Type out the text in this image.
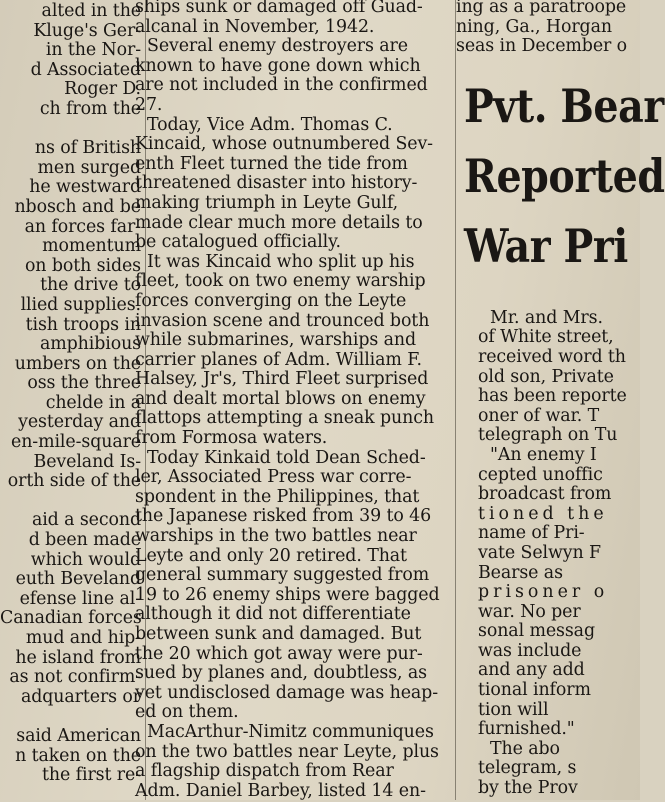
alted in the
Kluge's Ger-
in the Nor-
d Associated
Roger D.
ch from the

ns of British
men surged
he westward
nbosch and be
an forces far-
momentum
on both sides
the drive to
llied supplies.
tish troops in
amphibious
umbers on the
oss the three
chelde in a
yesterday and
en-mile-square
Beveland Is-
orth side of the

aid a second
d been made
which would
euth Beveland
efense line al-
Canadian forces
mud and hip-
he island from
as not confirm-
adquarters or

said American
n taken on the
the first re-
ships sunk or damaged off Guad-
alcanal in November, 1942.
Several enemy destroyers are
known to have gone down which
are not included in the confirmed
27.
Today, Vice Adm. Thomas C.
Kincaid, whose outnumbered Sev-
enth Fleet turned the tide from
threatened disaster into history-
making triumph in Leyte Gulf,
made clear much more details to
be catalogued officially.
It was Kincaid who split up his
fleet, took on two enemy warship
forces converging on the Leyte
invasion scene and trounced both
while submarines, warships and
carrier planes of Adm. William F.
Halsey, Jr's, Third Fleet surprised
and dealt mortal blows on enemy
flattops attempting a sneak punch
from Formosa waters.
Today Kinkaid told Dean Sched-
ler, Associated Press war corre-
spondent in the Philippines, that
the Japanese risked from 39 to 46
warships in the two battles near
Leyte and only 20 retired. That
general summary suggested from
19 to 26 enemy ships were bagged
although it did not differentiate
between sunk and damaged. But
the 20 which got away were pur-
sued by planes and, doubtless, as
yet undisclosed damage was heap-
ed on them.
MacArthur-Nimitz communiques
on the two battles near Leyte, plus
a flagship dispatch from Rear
Adm. Daniel Barbey, listed 14 en-
ing as a paratroope
ning, Ga., Horgan
seas in December o
Pvt. Bear
Reported
War Pri
Mr. and Mrs.
of White street,
received word th
old son, Private
has been reporte
oner of war. T
telegraph on Tu
"An enemy I
cepted unoffic
broadcast from
tioned the
name of Pri-
vate Selwyn F
Bearse as
prisoner o
war. No per
sonal messag
was include
and any add
tional inform
tion will
furnished."
The abo
telegram, s
by the Prov
